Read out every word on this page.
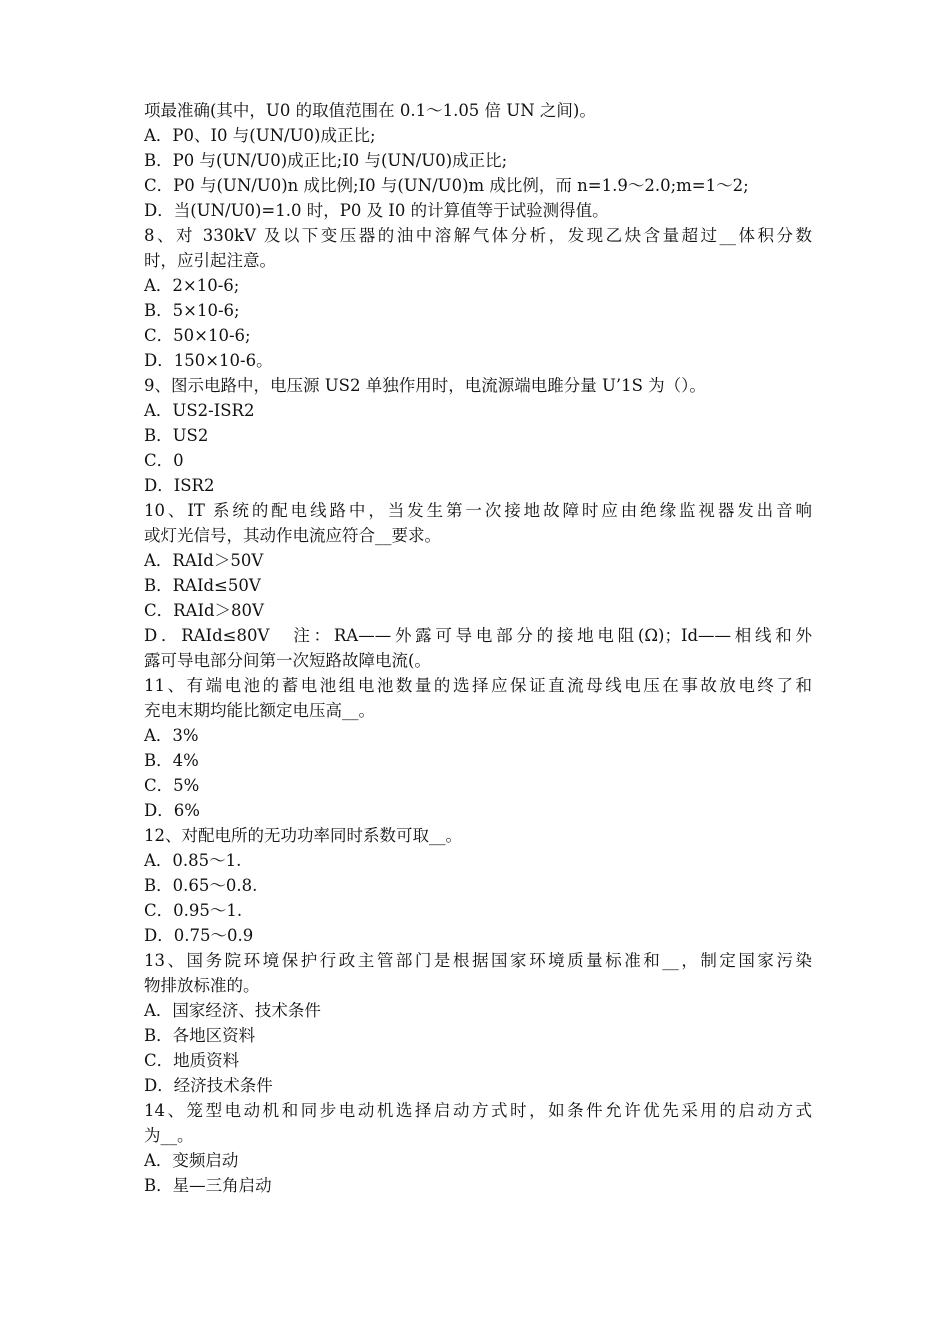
项最准确(其中，U0 的取值范围在 0.1～1.05 倍 UN 之间)。
A．P0、I0 与(UN/U0)成正比;
B．P0 与(UN/U0)成正比;I0 与(UN/U0)成正比;
C．P0 与(UN/U0)n 成比例;I0 与(UN/U0)m 成比例，而 n=1.9～2.0;m=1～2;
D．当(UN/U0)=1.0 时，P0 及 I0 的计算值等于试验测得值。
8、对 330kV 及以下变压器的油中溶解气体分析，发现乙炔含量超过__体积分数
时，应引起注意。
A．2×10-6;
B．5×10-6;
C．50×10-6;
D．150×10-6。
9、图示电路中，电压源 US2 单独作用时，电流源端电雎分量 U’1S 为（）。
A．US2-ISR2
B．US2
C．0
D．ISR2
10、IT 系统的配电线路中，当发生第一次接地故障时应由绝缘监视器发出音响
或灯光信号，其动作电流应符合__要求。
A．RAId＞50V
B．RAId≤50V
C．RAId＞80V
D．RAId≤80V　注：RA——外露可导电部分的接地电阻(Ω)；Id——相线和外
露可导电部分间第一次短路故障电流(。
11、有端电池的蓄电池组电池数量的选择应保证直流母线电压在事故放电终了和
充电末期均能比额定电压高__。
A．3%
B．4%
C．5%
D．6%
12、对配电所的无功功率同时系数可取__。
A．0.85～1.
B．0.65～0.8.
C．0.95～1.
D．0.75～0.9
13、国务院环境保护行政主管部门是根据国家环境质量标准和__，制定国家污染
物排放标准的。
A．国家经济、技术条件
B．各地区资料
C．地质资料
D．经济技术条件
14、笼型电动机和同步电动机选择启动方式时，如条件允许优先采用的启动方式
为__。
A．变频启动
B．星—三角启动
